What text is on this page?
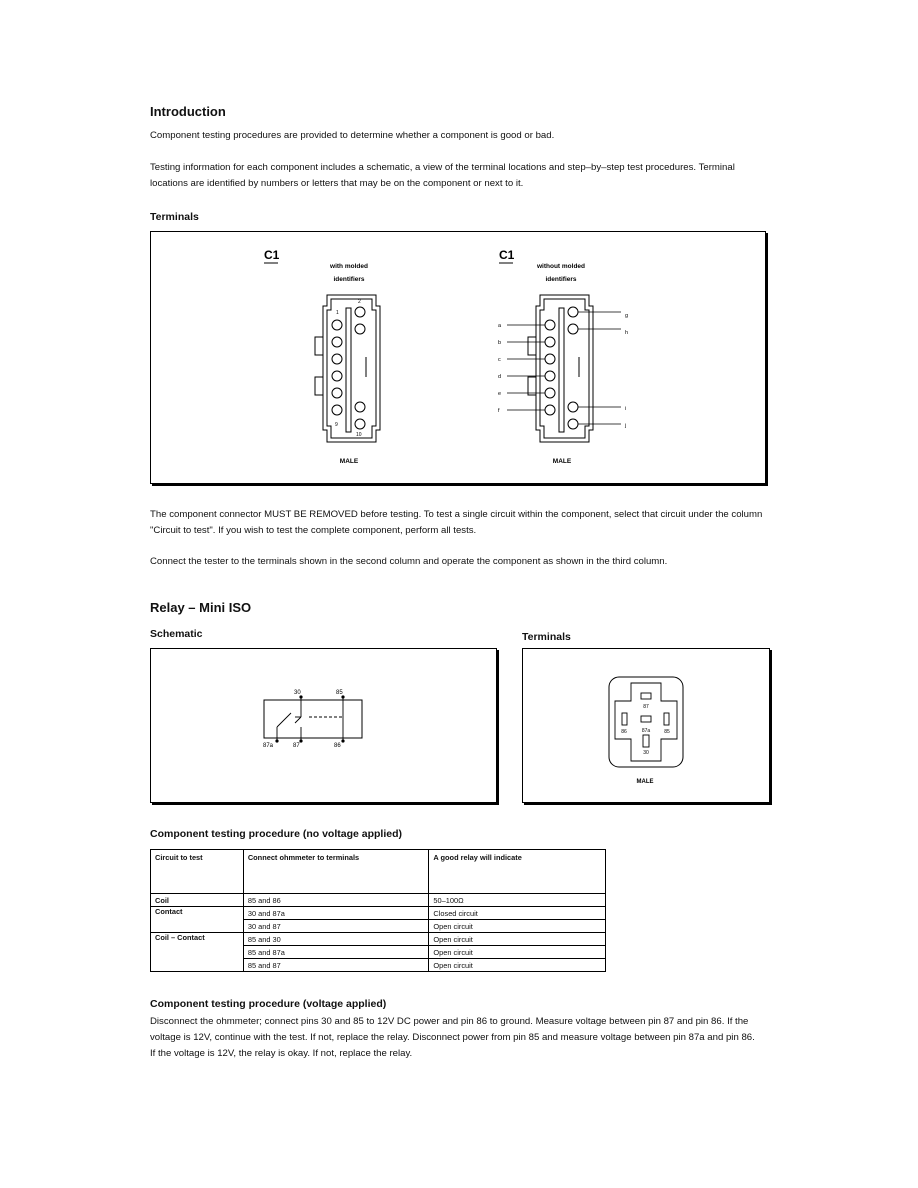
Introduction
Component testing procedures are provided to determine whether a component is good or bad.
Testing information for each component includes a schematic, a view of the terminal locations and step–by–step test procedures. Terminal locations are identified by numbers or letters that may be on the component or next to it.
Terminals
C1
with molded
identifiers
1
2
9
10
MALE
C1
without molded
identifiers
a
b
c
d
e
f
g
h
i
j
MALE
The component connector MUST BE REMOVED before testing. To test a single circuit within the component, select that circuit under the column "Circuit to test". If you wish to test the complete component, perform all tests.
Connect the tester to the terminals shown in the second column and operate the component as shown in the third column.
Relay – Mini ISO
Schematic	Terminals
30	85
87a	87	86
87
86	87a	85
30
MALE
Component testing procedure (no voltage applied)
Circuit to test	Connect ohmmeter to terminals	A good relay will indicate
Coil	85 and 86	50–100Ω
Contact	30 and 87a	Closed circuit
	30 and 87	Open circuit
Coil – Contact	85 and 30	Open circuit
	85 and 87a	Open circuit
	85 and 87	Open circuit
Component testing procedure (voltage applied)
Disconnect the ohmmeter; connect pins 30 and 85 to 12V DC power and pin 86 to ground. Measure voltage between pin 87 and pin 86. If the voltage is 12V, continue with the test. If not, replace the relay. Disconnect power from pin 85 and measure voltage between pin 87a and pin 86. If the voltage is 12V, the relay is okay. If not, replace the relay.
